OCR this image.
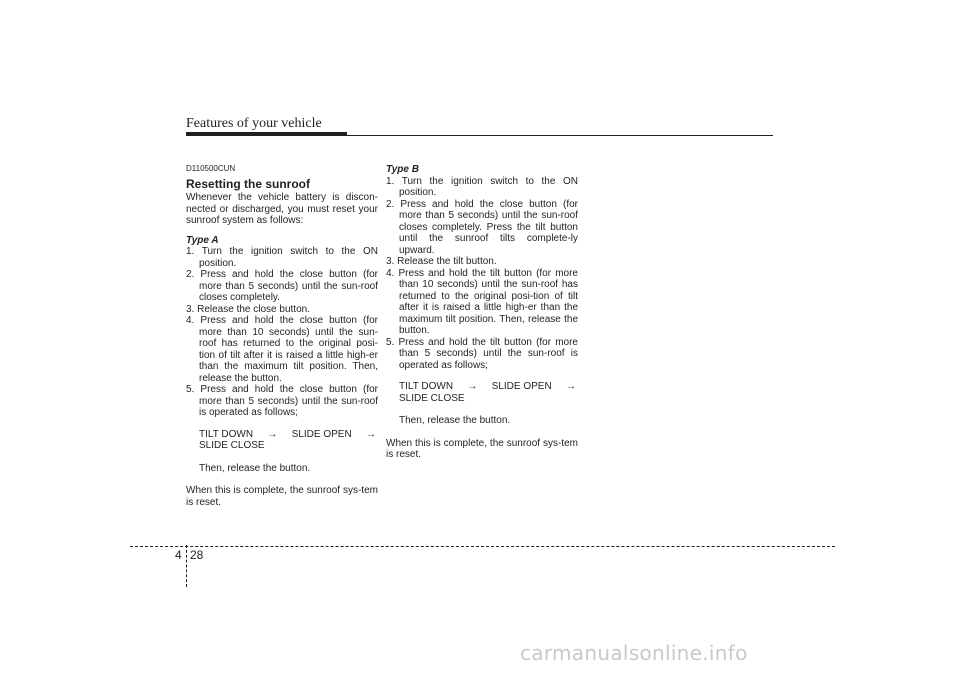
Features of your vehicle
D110500CUN
Resetting the sunroof

Whenever the vehicle battery is discon-nected or discharged, you must reset your sunroof system as follows:

Type A
1. Turn the ignition switch to the ON position.
2. Press and hold the close button (for more than 5 seconds) until the sun-roof closes completely.
3. Release the close button.
4. Press and hold the close button (for more than 10 seconds) until the sun-roof has returned to the original posi-tion of tilt after it is raised a little high-er than the maximum tilt position. Then, release the button.
5. Press and hold the close button (for more than 5 seconds) until the sun-roof is operated as follows;
TILT DOWN → SLIDE OPEN →
SLIDE CLOSE
Then, release the button.

When this is complete, the sunroof sys-tem is reset.

Type B
1. Turn the ignition switch to the ON position.
2. Press and hold the close button (for more than 5 seconds) until the sun-roof closes completely. Press the tilt button until the sunroof tilts complete-ly upward.
3. Release the tilt button.
4. Press and hold the tilt button (for more than 10 seconds) until the sun-roof has returned to the original posi-tion of tilt after it is raised a little high-er than the maximum tilt position. Then, release the button.
5. Press and hold the tilt button (for more than 5 seconds) until the sun-roof is operated as follows;
TILT DOWN → SLIDE OPEN →
SLIDE CLOSE
Then, release the button.

When this is complete, the sunroof sys-tem is reset.

4 28
carmanualsonline.info
